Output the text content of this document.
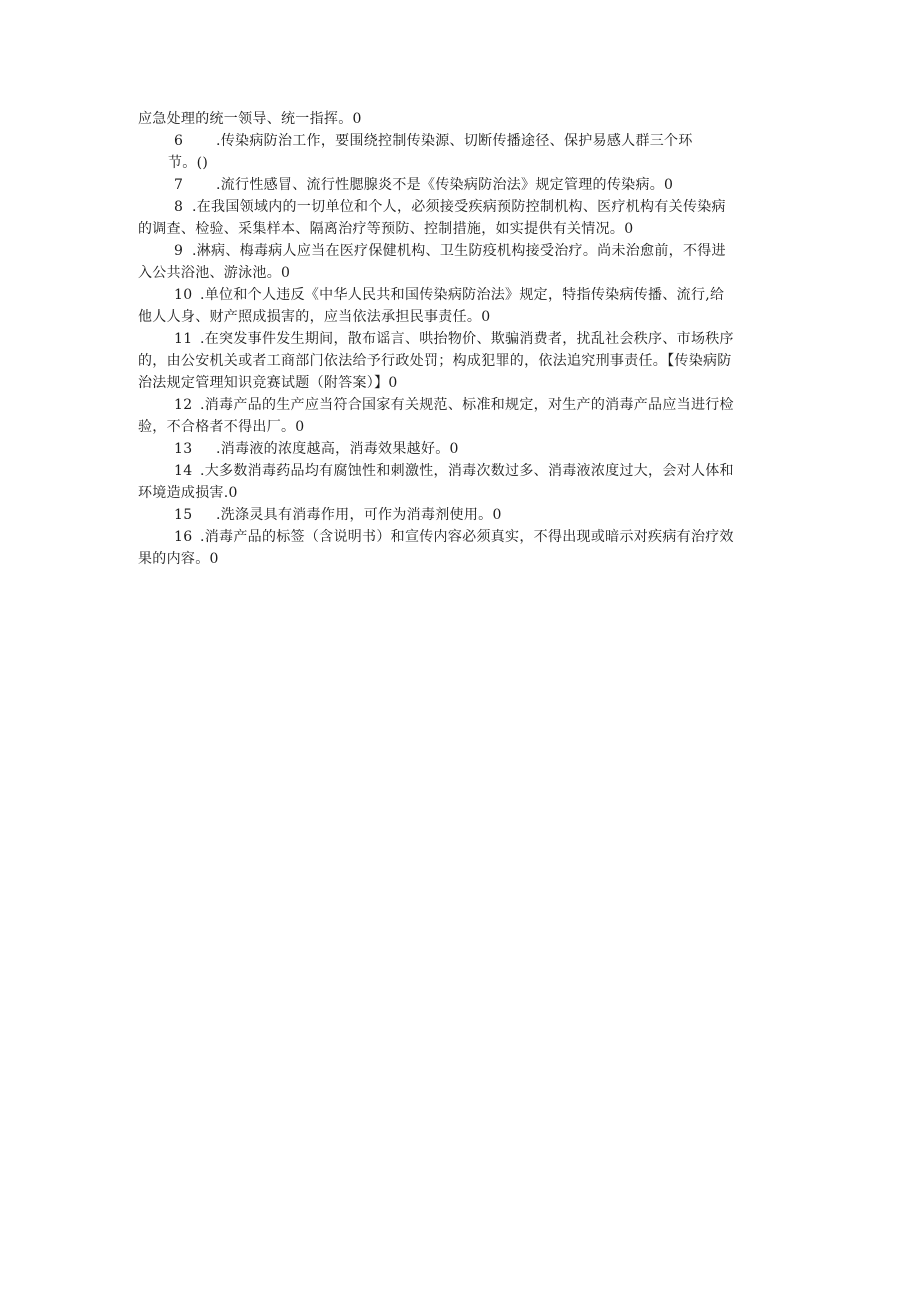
应急处理的统一领导、统一指挥。0
6 .传染病防治工作，要围绕控制传染源、切断传播途径、保护易感人群三个环
节。()
7 .流行性感冒、流行性腮腺炎不是《传染病防治法》规定管理的传染病。0
8 .在我国领域内的一切单位和个人，必须接受疾病预防控制机构、医疗机构有关传染病
的调查、检验、采集样本、隔离治疗等预防、控制措施，如实提供有关情况。0
9 .淋病、梅毒病人应当在医疗保健机构、卫生防疫机构接受治疗。尚未治愈前，不得进
入公共浴池、游泳池。0
10 .单位和个人违反《中华人民共和国传染病防治法》规定，特指传染病传播、流行,给
他人人身、财产照成损害的，应当依法承担民事责任。0
11 .在突发事件发生期间，散布谣言、哄抬物价、欺骗消费者，扰乱社会秩序、市场秩序
的，由公安机关或者工商部门依法给予行政处罚；构成犯罪的，依法追究刑事责任。【传染病防
治法规定管理知识竞赛试题（附答案）】0
12 .消毒产品的生产应当符合国家有关规范、标准和规定，对生产的消毒产品应当进行检
验，不合格者不得出厂。0
13 .消毒液的浓度越高，消毒效果越好。0
14 .大多数消毒药品均有腐蚀性和刺激性，消毒次数过多、消毒液浓度过大，会对人体和
环境造成损害.0
15 .洗涤灵具有消毒作用，可作为消毒剂使用。0
16 .消毒产品的标签（含说明书）和宣传内容必须真实，不得出现或暗示对疾病有治疗效
果的内容。0
